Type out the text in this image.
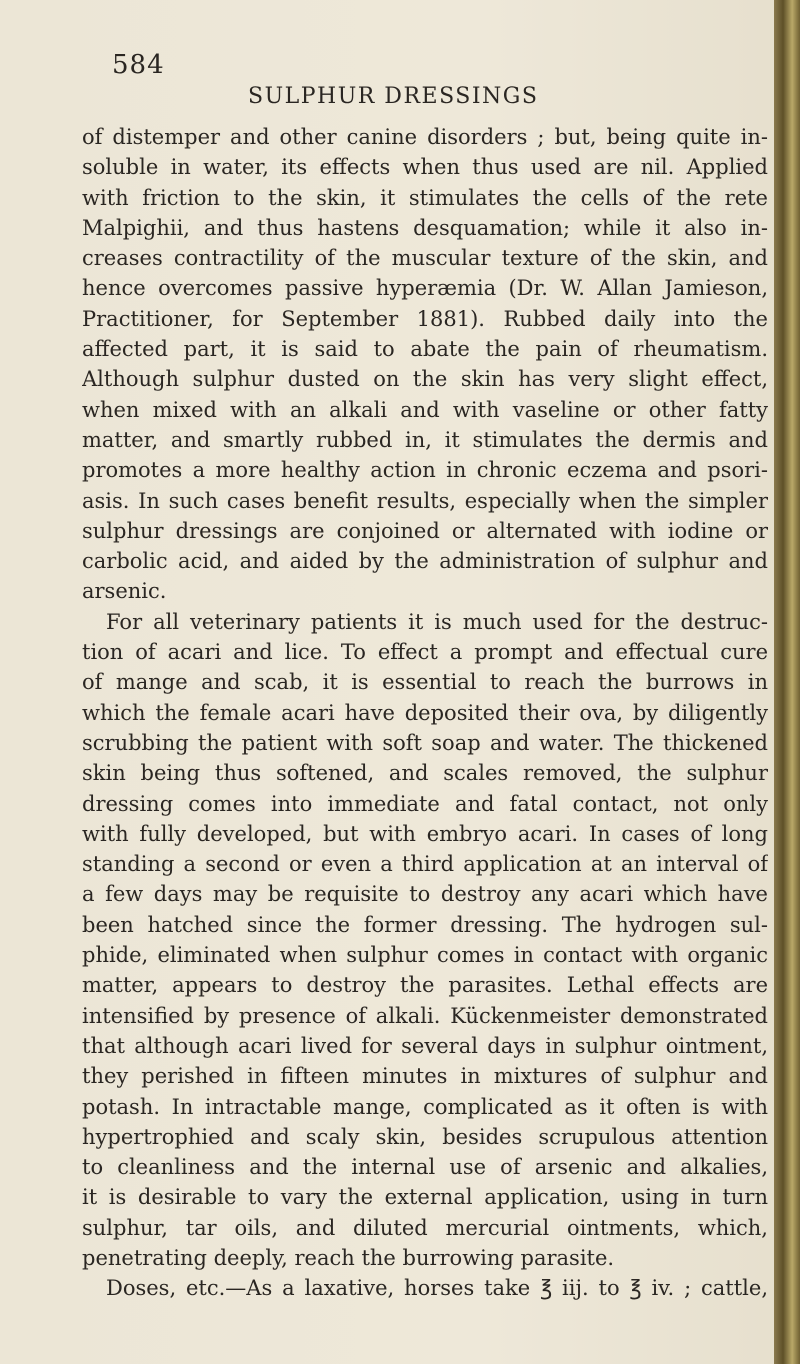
584
SULPHUR DRESSINGS
of distemper and other canine disorders ; but, being quite in-
soluble in water, its effects when thus used are nil. Applied
with friction to the skin, it stimulates the cells of the rete
Malpighii, and thus hastens desquamation; while it also in-
creases contractility of the muscular texture of the skin, and
hence overcomes passive hyperæmia (Dr. W. Allan Jamieson,
Practitioner, for September 1881). Rubbed daily into the
affected part, it is said to abate the pain of rheumatism.
Although sulphur dusted on the skin has very slight effect,
when mixed with an alkali and with vaseline or other fatty
matter, and smartly rubbed in, it stimulates the dermis and
promotes a more healthy action in chronic eczema and psori-
asis. In such cases benefit results, especially when the simpler
sulphur dressings are conjoined or alternated with iodine or
carbolic acid, and aided by the administration of sulphur and
arsenic.
For all veterinary patients it is much used for the destruc-
tion of acari and lice. To effect a prompt and effectual cure
of mange and scab, it is essential to reach the burrows in
which the female acari have deposited their ova, by diligently
scrubbing the patient with soft soap and water. The thickened
skin being thus softened, and scales removed, the sulphur
dressing comes into immediate and fatal contact, not only
with fully developed, but with embryo acari. In cases of long
standing a second or even a third application at an interval of
a few days may be requisite to destroy any acari which have
been hatched since the former dressing. The hydrogen sul-
phide, eliminated when sulphur comes in contact with organic
matter, appears to destroy the parasites. Lethal effects are
intensified by presence of alkali. Kückenmeister demonstrated
that although acari lived for several days in sulphur ointment,
they perished in fifteen minutes in mixtures of sulphur and
potash. In intractable mange, complicated as it often is with
hypertrophied and scaly skin, besides scrupulous attention
to cleanliness and the internal use of arsenic and alkalies,
it is desirable to vary the external application, using in turn
sulphur, tar oils, and diluted mercurial ointments, which,
penetrating deeply, reach the burrowing parasite.
Doses, etc.—As a laxative, horses take ℥ iij. to ℥ iv. ; cattle,
